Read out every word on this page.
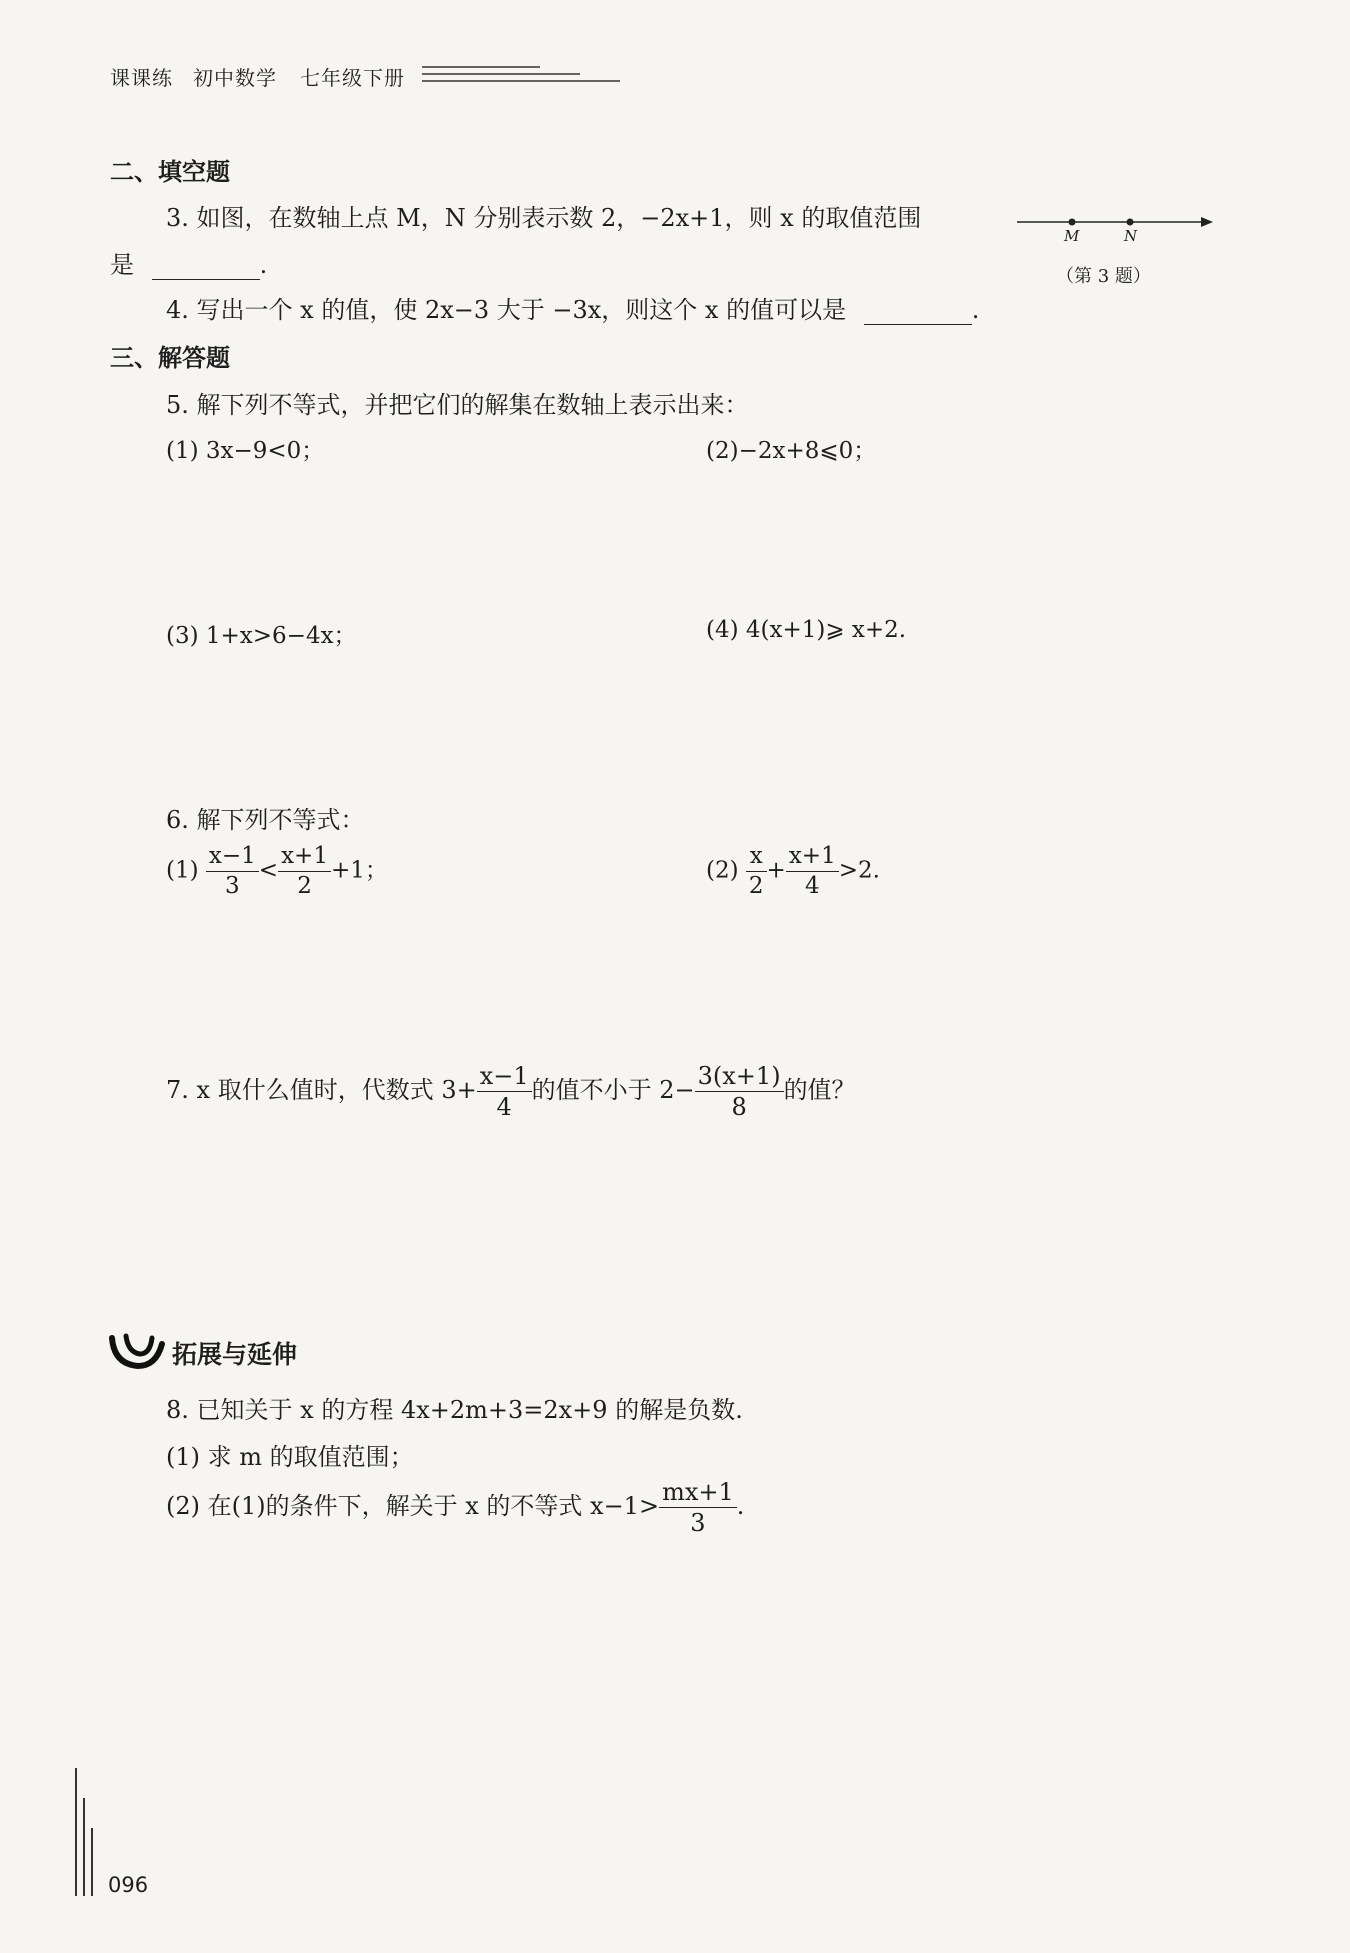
课课练 初中数学 七年级下册
二、填空题
3. 如图，在数轴上点 M，N 分别表示数 2，−2x+1，则 x 的取值范围
是	.
M	N
（第 3 题）
4. 写出一个 x 的值，使 2x−3 大于 −3x，则这个 x 的值可以是	.
三、解答题
5. 解下列不等式，并把它们的解集在数轴上表示出来：
(1) 3x−9<0；	(2)−2x+8⩽0；
(3) 1+x>6−4x；	(4) 4(x+1)⩾ x+2.
6. 解下列不等式：
$(1) \frac{x-1}{3} < \frac{x+1}{2} +1$；	$(2) \frac{x}{2} + \frac{x+1}{4} >2$.
7. x 取什么值时，代数式 $3+ \frac{x-1}{4}$ 的值不小于 $2- \frac{3(x+1)}{8}$ 的值？
拓展与延伸
8. 已知关于 x 的方程 4x+2m+3=2x+9 的解是负数.
(1) 求 m 的取值范围；
(2) 在(1)的条件下，解关于 x 的不等式 $x-1> \frac{mx+1}{3}$ .
096
